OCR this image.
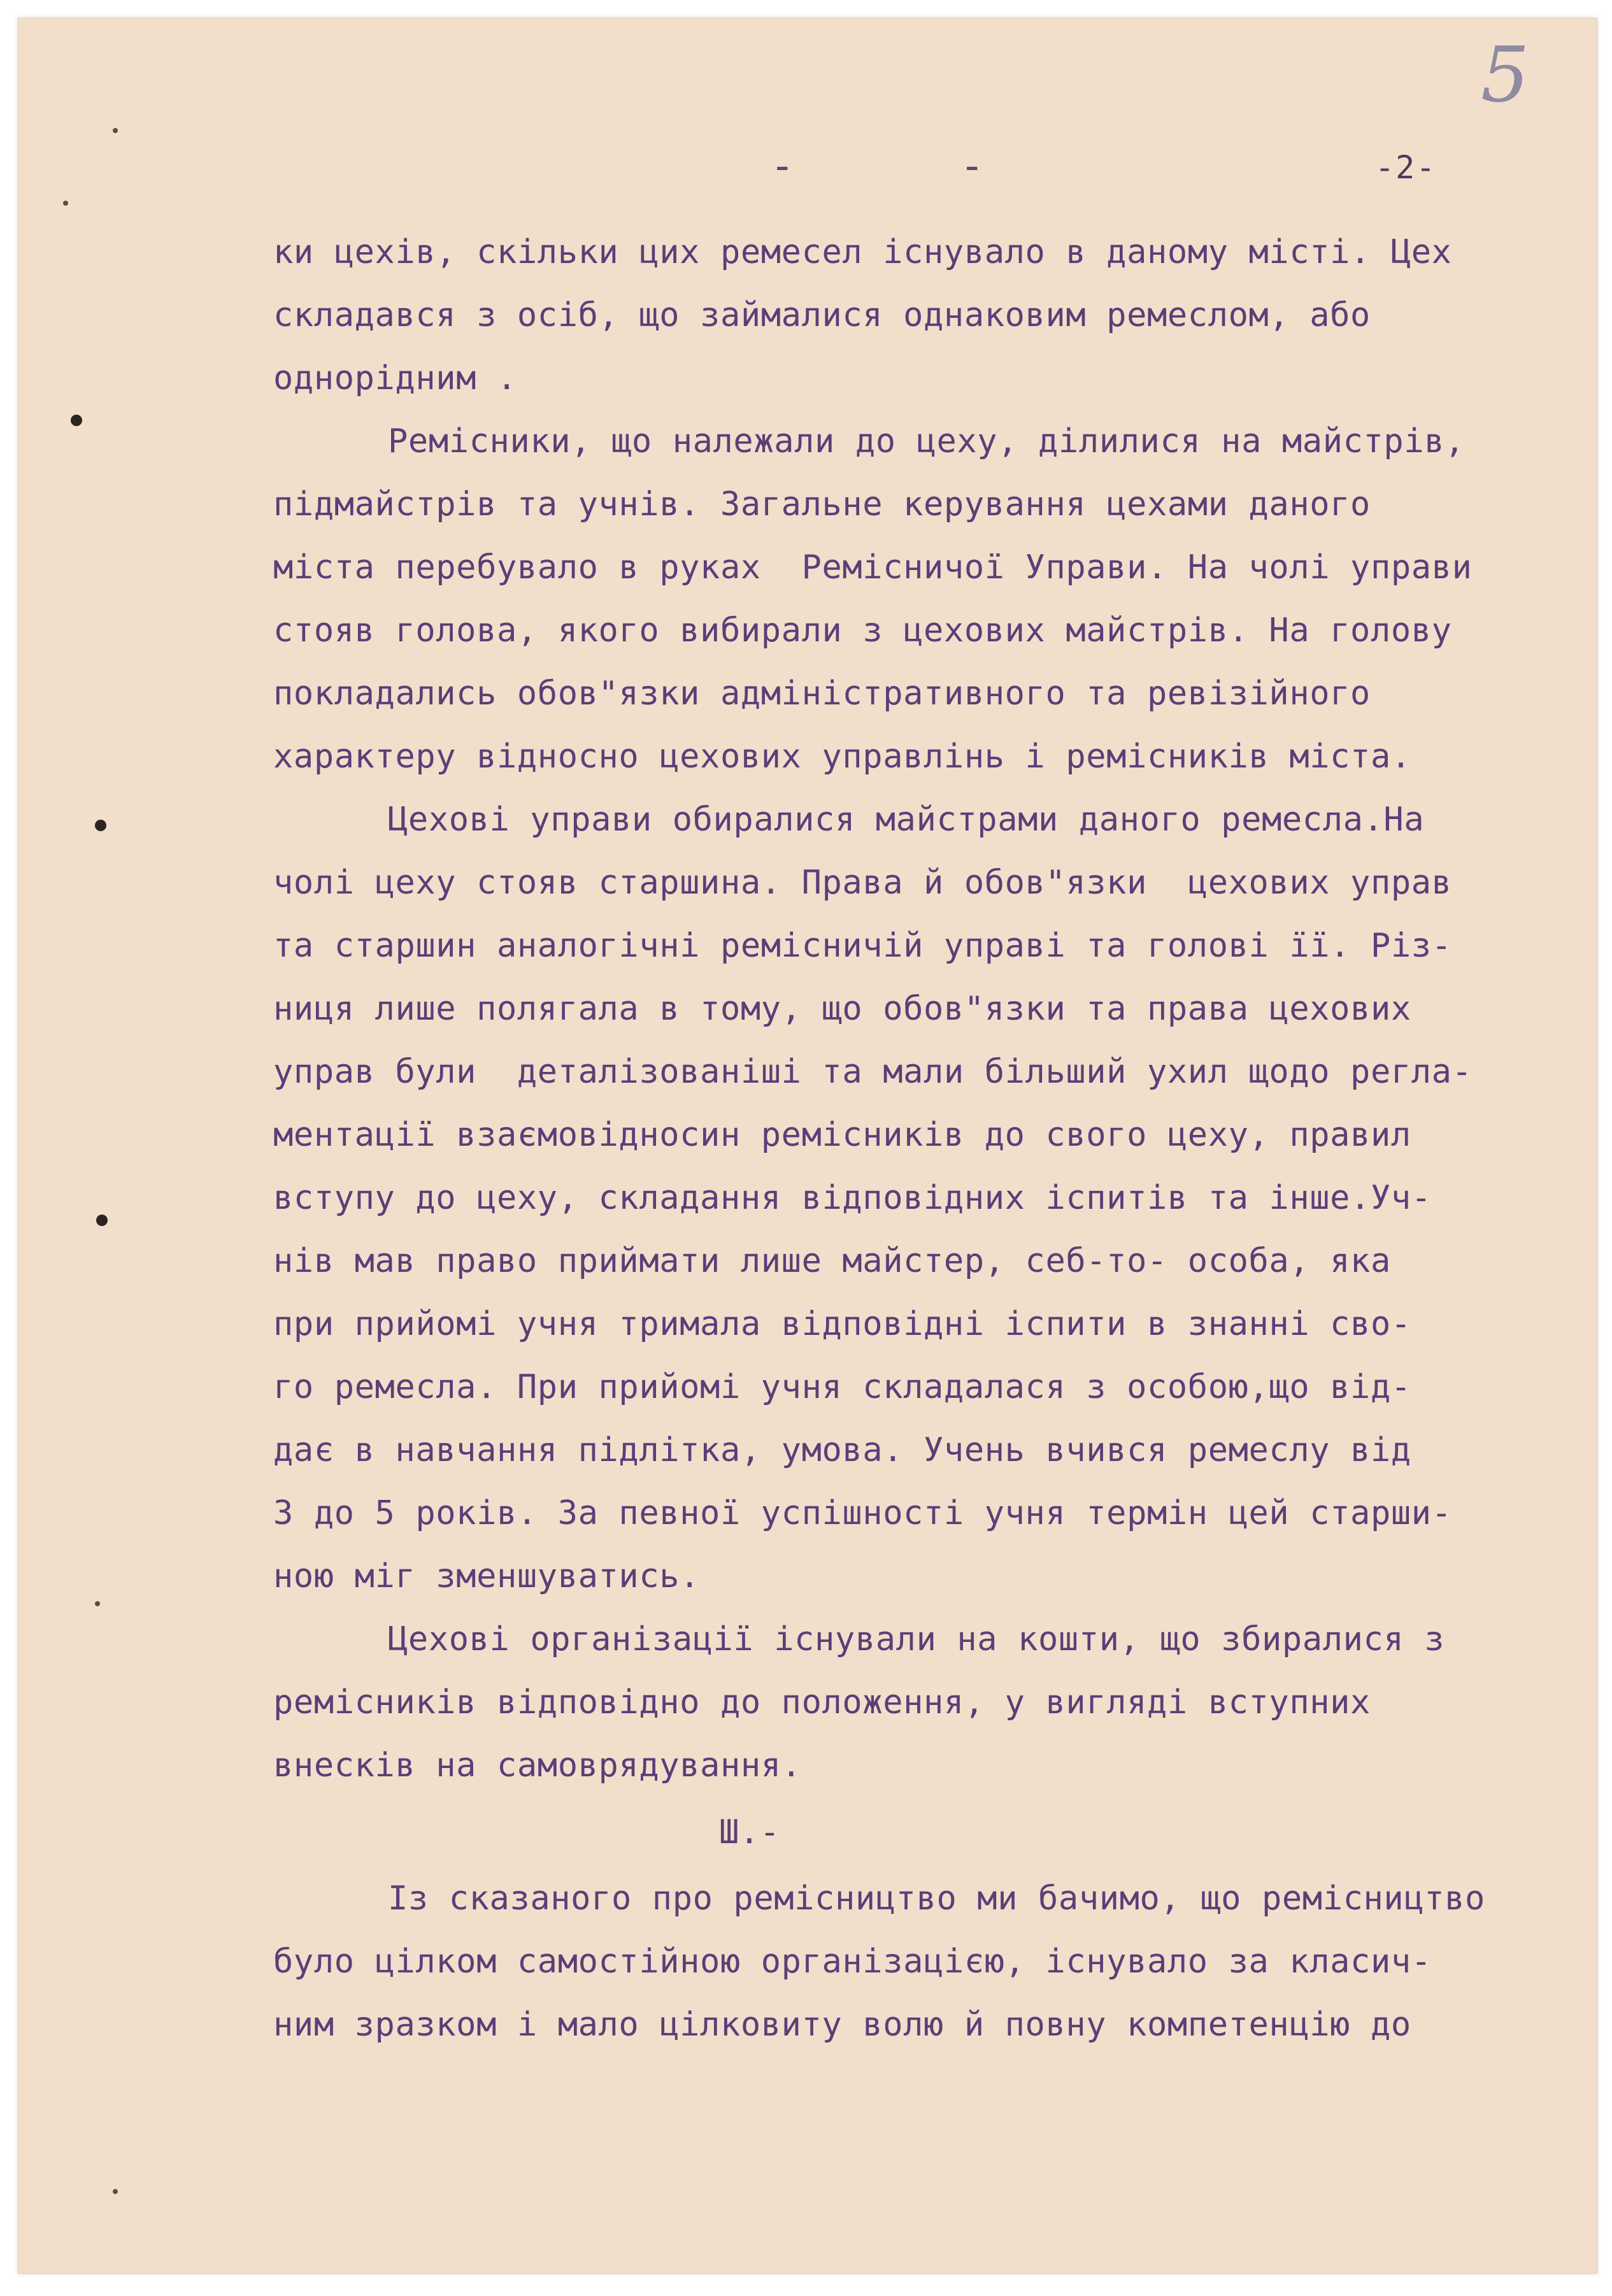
-	-	-2-
5
ки цехів, скільки цих ремесел існувало в даному місті. Цех
складався з осіб, що займалися однаковим ремеслом, або
однорідним .
Ремісники, що належали до цеху, ділилися на майстрів,
підмайстрів та учнів. Загальне керування цехами даного
міста перебувало в руках  Ремісничої Управи. На чолі управи
стояв голова, якого вибирали з цехових майстрів. На голову
покладались обов"язки адміністративного та ревізійного
характеру відносно цехових управлінь і ремісників міста.
Цехові управи обиралися майстрами даного ремесла.На
чолі цеху стояв старшина. Права й обов"язки  цехових управ
та старшин аналогічні ремісничій управі та голові її. Різ-
ниця лише полягала в тому, що обов"язки та права цехових
управ були  деталізованіші та мали більший ухил щодо регла-
ментації взаємовідносин ремісників до свого цеху, правил
вступу до цеху, складання відповідних іспитів та інше.Уч-
нів мав право приймати лише майстер, себ-то- особа, яка
при прийомі учня тримала відповідні іспити в знанні сво-
го ремесла. При прийомі учня складалася з особою,що від-
дає в навчання підлітка, умова. Учень вчився ремеслу від
3 до 5 років. За певної успішності учня термін цей старши-
ною міг зменшуватись.
Цехові організації існували на кошти, що збиралися з
ремісників відповідно до положення, у вигляді вступних
внесків на самоврядування.
Ш.-
Із сказаного про ремісництво ми бачимо, що ремісництво
було цілком самостійною організацією, існувало за класич-
ним зразком і мало цілковиту волю й повну компетенцію до
